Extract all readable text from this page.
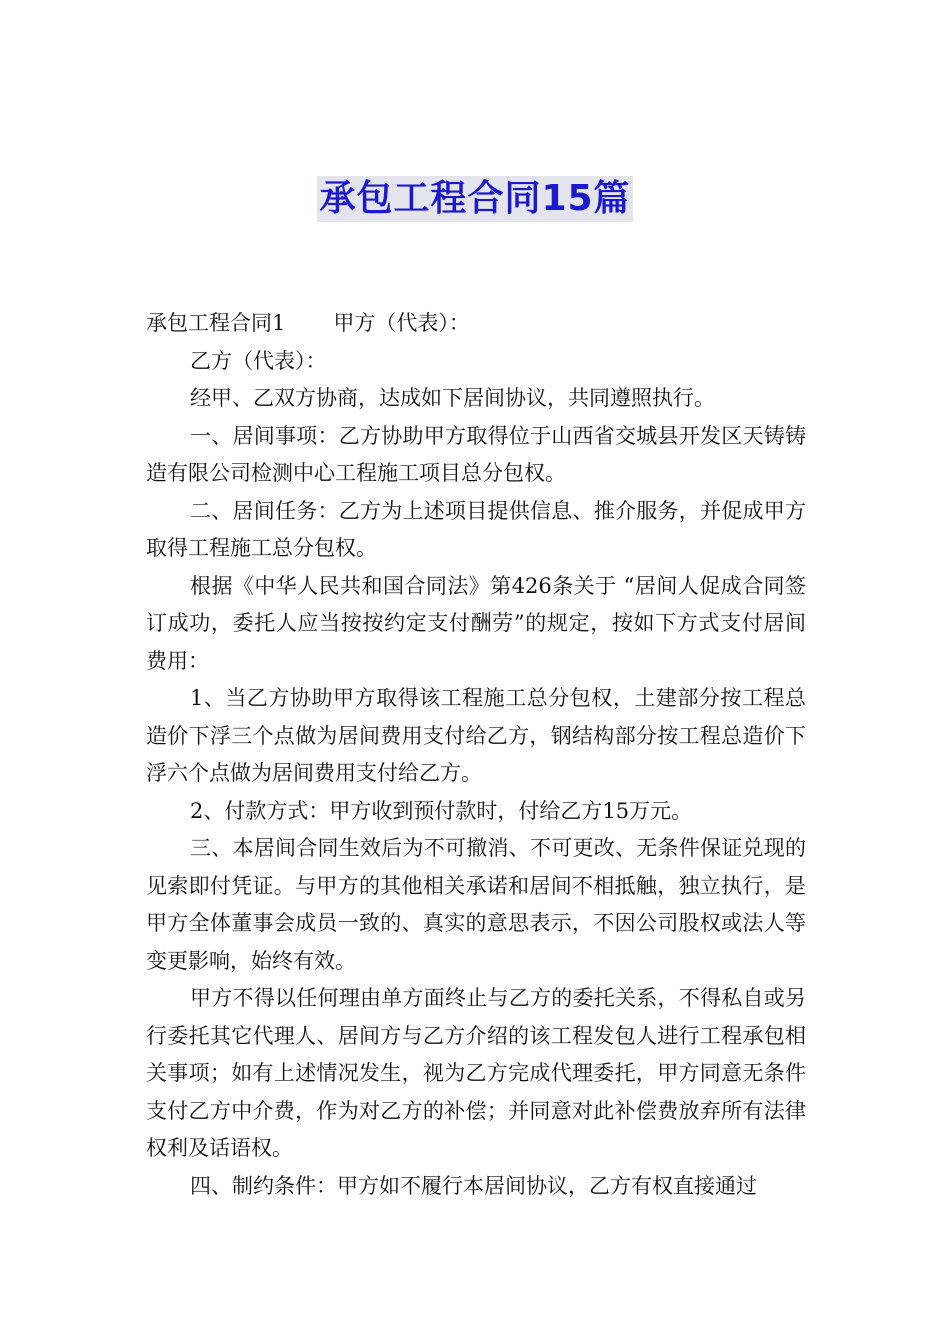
承包工程合同15篇

承包工程合同1 甲方（代表）：

乙方（代表）：

经甲、乙双方协商，达成如下居间协议，共同遵照执行。

一、居间事项：乙方协助甲方取得位于山西省交城县开发区天铸铸造有限公司检测中心工程施工项目总分包权。

二、居间任务：乙方为上述项目提供信息、推介服务，并促成甲方取得工程施工总分包权。

根据《中华人民共和国合同法》第426条关于 “居间人促成合同签订成功，委托人应当按按约定支付酬劳”的规定，按如下方式支付居间费用：

1、当乙方协助甲方取得该工程施工总分包权，土建部分按工程总造价下浮三个点做为居间费用支付给乙方，钢结构部分按工程总造价下浮六个点做为居间费用支付给乙方。

2、付款方式：甲方收到预付款时，付给乙方15万元。

三、本居间合同生效后为不可撤消、不可更改、无条件保证兑现的见索即付凭证。与甲方的其他相关承诺和居间不相抵触，独立执行，是甲方全体董事会成员一致的、真实的意思表示，不因公司股权或法人等变更影响，始终有效。

甲方不得以任何理由单方面终止与乙方的委托关系，不得私自或另行委托其它代理人、居间方与乙方介绍的该工程发包人进行工程承包相关事项；如有上述情况发生，视为乙方完成代理委托，甲方同意无条件支付乙方中介费，作为对乙方的补偿；并同意对此补偿费放弃所有法律权利及话语权。

四、制约条件：甲方如不履行本居间协议，乙方有权直接通过
